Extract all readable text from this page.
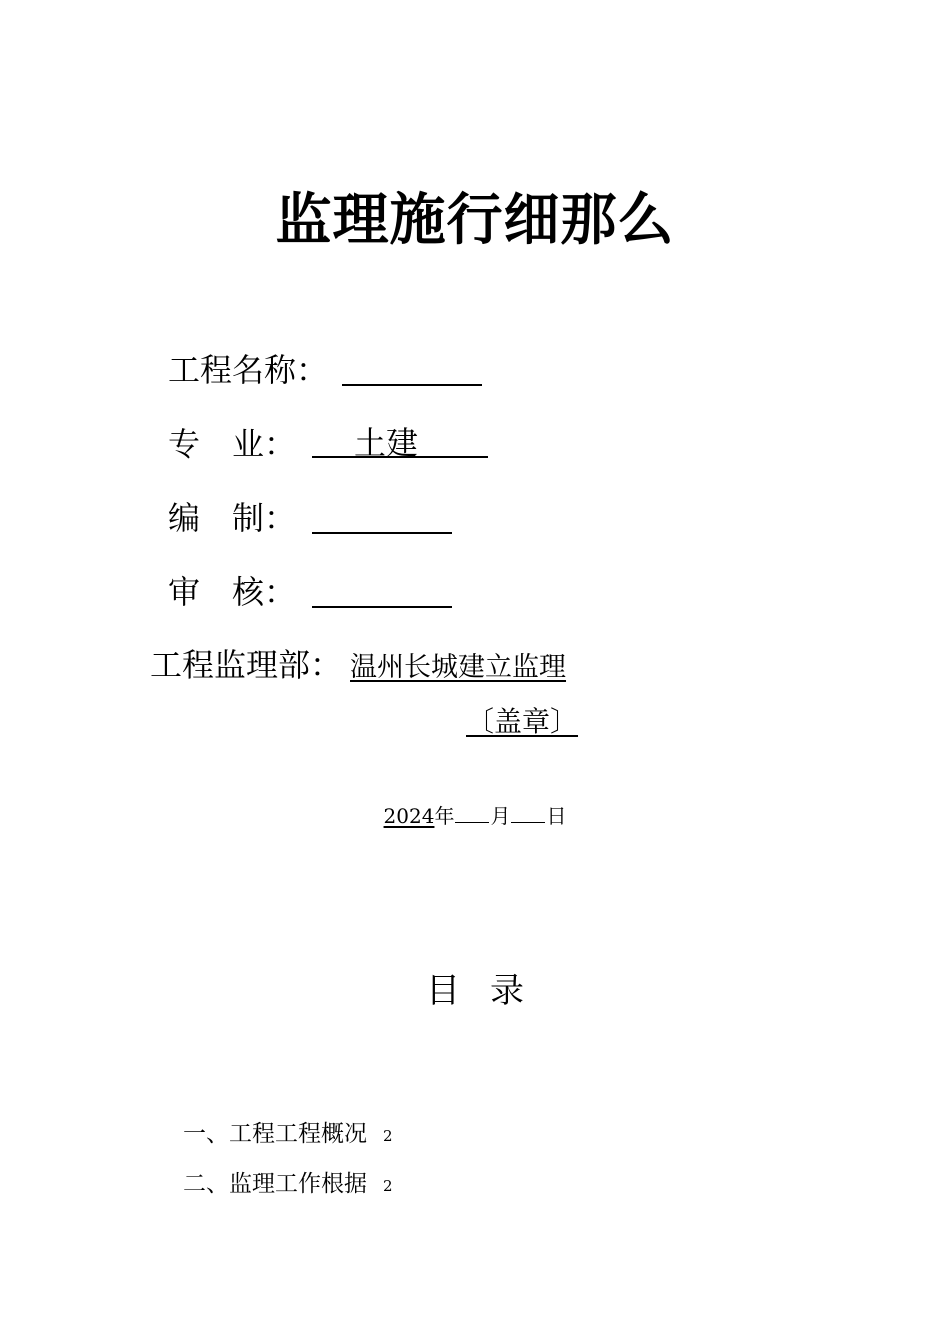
监理施行细那么
工程名称：
专　业： 土建
编　制：
审　核：
工程监理部： 温州长城建立监理
〔盖章〕
2024年 月 日
目录
一、工程工程概况 2
二、监理工作根据 2
